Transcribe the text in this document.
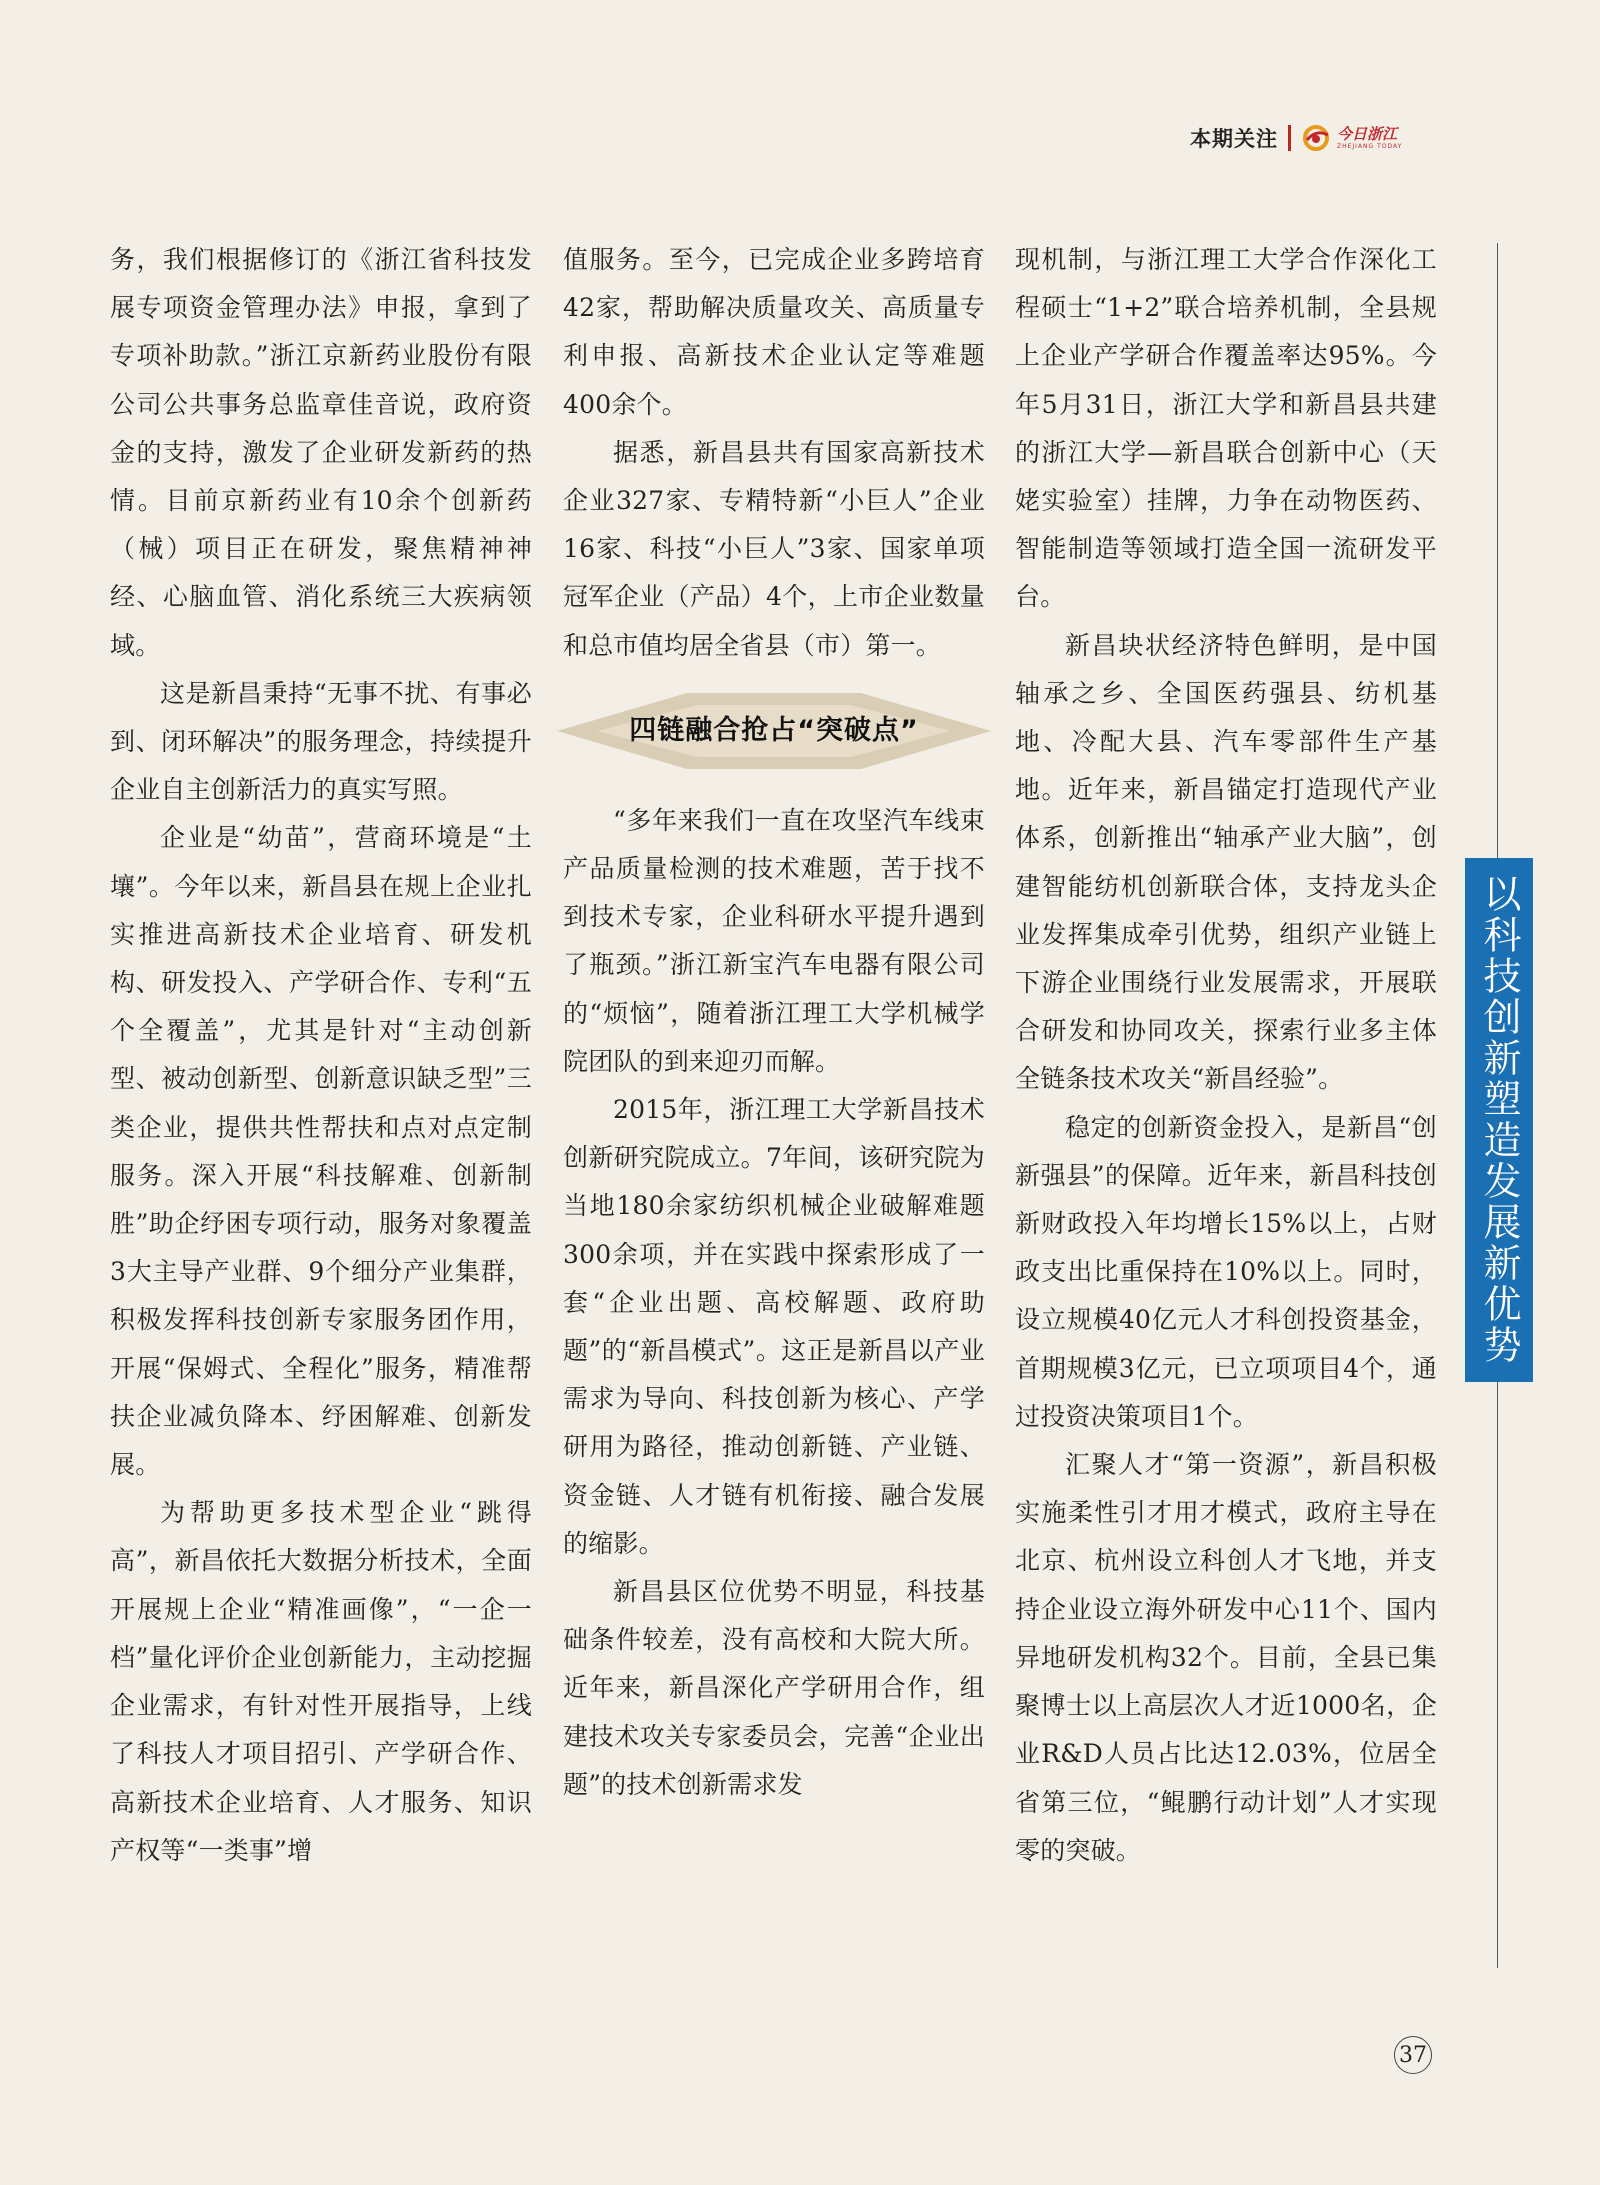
本期关注	今日浙江
ZHEJIANG TODAY

务，我们根据修订的《浙江省科技发展专项资金管理办法》申报，拿到了专项补助款。”浙江京新药业股份有限公司公共事务总监章佳音说，政府资金的支持，激发了企业研发新药的热情。目前京新药业有10余个创新药（械）项目正在研发，聚焦精神神经、心脑血管、消化系统三大疾病领域。

这是新昌秉持“无事不扰、有事必到、闭环解决”的服务理念，持续提升企业自主创新活力的真实写照。

企业是“幼苗”，营商环境是“土壤”。今年以来，新昌县在规上企业扎实推进高新技术企业培育、研发机构、研发投入、产学研合作、专利“五个全覆盖”，尤其是针对“主动创新型、被动创新型、创新意识缺乏型”三类企业，提供共性帮扶和点对点定制服务。深入开展“科技解难、创新制胜”助企纾困专项行动，服务对象覆盖3大主导产业群、9个细分产业集群，积极发挥科技创新专家服务团作用，开展“保姆式、全程化”服务，精准帮扶企业减负降本、纾困解难、创新发展。

为帮助更多技术型企业“跳得高”，新昌依托大数据分析技术，全面开展规上企业“精准画像”，“一企一档”量化评价企业创新能力，主动挖掘企业需求，有针对性开展指导，上线了科技人才项目招引、产学研合作、高新技术企业培育、人才服务、知识产权等“一类事”增

值服务。至今，已完成企业多跨培育42家，帮助解决质量攻关、高质量专利申报、高新技术企业认定等难题400余个。

据悉，新昌县共有国家高新技术企业327家、专精特新“小巨人”企业16家、科技“小巨人”3家、国家单项冠军企业（产品）4个，上市企业数量和总市值均居全省县（市）第一。

四链融合抢占“突破点”

“多年来我们一直在攻坚汽车线束产品质量检测的技术难题，苦于找不到技术专家，企业科研水平提升遇到了瓶颈。”浙江新宝汽车电器有限公司的“烦恼”，随着浙江理工大学机械学院团队的到来迎刃而解。

2015年，浙江理工大学新昌技术创新研究院成立。7年间，该研究院为当地180余家纺织机械企业破解难题300余项，并在实践中探索形成了一套“企业出题、高校解题、政府助题”的“新昌模式”。这正是新昌以产业需求为导向、科技创新为核心、产学研用为路径，推动创新链、产业链、资金链、人才链有机衔接、融合发展的缩影。

新昌县区位优势不明显，科技基础条件较差，没有高校和大院大所。近年来，新昌深化产学研用合作，组建技术攻关专家委员会，完善“企业出题”的技术创新需求发

现机制，与浙江理工大学合作深化工程硕士“1+2”联合培养机制，全县规上企业产学研合作覆盖率达95%。今年5月31日，浙江大学和新昌县共建的浙江大学—新昌联合创新中心（天姥实验室）挂牌，力争在动物医药、智能制造等领域打造全国一流研发平台。

新昌块状经济特色鲜明，是中国轴承之乡、全国医药强县、纺机基地、冷配大县、汽车零部件生产基地。近年来，新昌锚定打造现代产业体系，创新推出“轴承产业大脑”，创建智能纺机创新联合体，支持龙头企业发挥集成牵引优势，组织产业链上下游企业围绕行业发展需求，开展联合研发和协同攻关，探索行业多主体全链条技术攻关“新昌经验”。

稳定的创新资金投入，是新昌“创新强县”的保障。近年来，新昌科技创新财政投入年均增长15%以上，占财政支出比重保持在10%以上。同时，设立规模40亿元人才科创投资基金，首期规模3亿元，已立项项目4个，通过投资决策项目1个。

汇聚人才“第一资源”，新昌积极实施柔性引才用才模式，政府主导在北京、杭州设立科创人才飞地，并支持企业设立海外研发中心11个、国内异地研发机构32个。目前，全县已集聚博士以上高层次人才近1000名，企业R&D人员占比达12.03%，位居全省第三位，“鲲鹏行动计划”人才实现零的突破。

以科技创新塑造发展新优势
37
